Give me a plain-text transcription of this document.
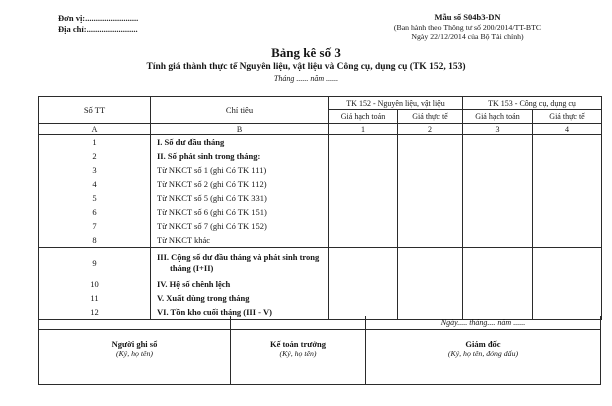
Đơn vị:.........................
Địa chỉ:........................
Mẫu số S04b3-DN
(Ban hành theo Thông tư số 200/2014/TT-BTC
Ngày 22/12/2014 của Bộ Tài chính)
Bảng kê số 3
Tính giá thành thực tế Nguyên liệu, vật liệu và Công cụ, dụng cụ (TK 152, 153)
Tháng ...... năm ......
Số TT	Chỉ tiêu	TK 152 - Nguyên liệu, vật liệu		TK 153 - Công cụ, dụng cụ	
		Giá hạch toán	Giá thực tế	Giá hạch toán	Giá thực tế
A	B	1	2	3	4
1	I. Số dư đầu tháng				
2	II. Số phát sinh trong tháng:				
3	Từ NKCT số 1 (ghi Có TK 111)				
4	Từ NKCT số 2 (ghi Có TK 112)				
5	Từ NKCT số 5 (ghi Có TK 331)				
6	Từ NKCT số 6 (ghi Có TK 151)				
7	Từ NKCT số 7 (ghi Có TK 152)				
8	Từ NKCT khác				
9	III. Cộng số dư đầu tháng và phát sinh trong tháng (I+II)				
10	IV. Hệ số chênh lệch				
11	V. Xuất dùng trong tháng				
12	VI. Tồn kho cuối tháng (III - V)				
Ngày..... tháng.... năm ......
Người ghi sổ
(Ký, họ tên)
Kế toán trưởng
(Ký, họ tên)
Giám đốc
(Ký, họ tên, đóng dấu)
